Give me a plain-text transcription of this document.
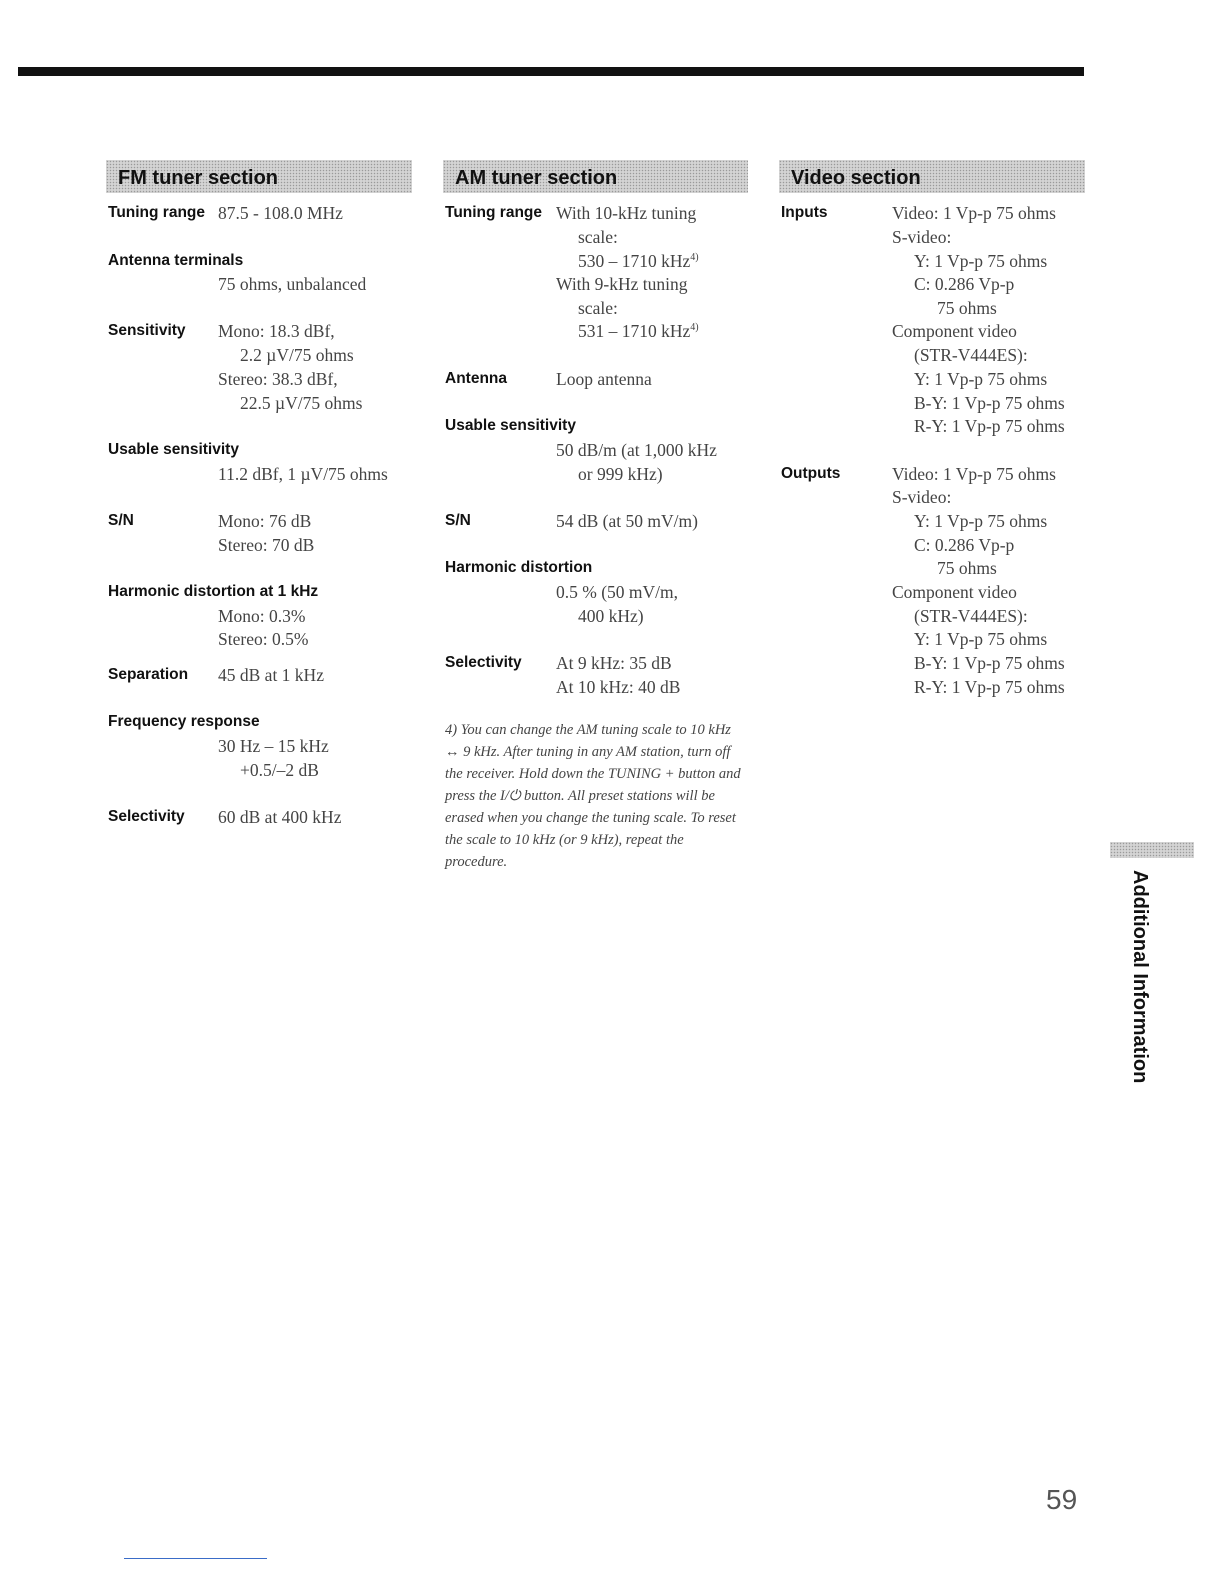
FM tuner section
Tuning range 87.5 - 108.0 MHz
Antenna terminals
75 ohms, unbalanced
Sensitivity Mono: 18.3 dBf,
2.2 µV/75 ohms
Stereo: 38.3 dBf,
22.5 µV/75 ohms
Usable sensitivity
11.2 dBf, 1 µV/75 ohms
S/N	Mono: 76 dB
Stereo: 70 dB
Harmonic distortion at 1 kHz
Mono: 0.3%
Stereo: 0.5%
Separation 45 dB at 1 kHz
Frequency response
30 Hz – 15 kHz
+0.5/–2 dB
Selectivity 60 dB at 400 kHz
AM tuner section
Tuning range With 10-kHz tuning
scale:
530 – 1710 kHz$^{4)}$
With 9-kHz tuning
scale:
531 – 1710 kHz$^{4)}$
Antenna	Loop antenna
Usable sensitivity
50 dB/m (at 1,000 kHz
or 999 kHz)
S/N	54 dB (at 50 mV/m)
Harmonic distortion
0.5 % (50 mV/m,
400 kHz)
Selectivity At 9 kHz: 35 dB
At 10 kHz: 40 dB
4) You can change the AM tuning scale to 10 kHz ↔ 9 kHz. After tuning in any AM station, turn off the receiver. Hold down the TUNING + button and press the I/⏻ button. All preset stations will be erased when you change the tuning scale. To reset the scale to 10 kHz (or 9 kHz), repeat the procedure.
Video section
Inputs	Video: 1 Vp-p 75 ohms
S-video:
Y: 1 Vp-p 75 ohms
C: 0.286 Vp-p
75 ohms
Component video
(STR-V444ES):
Y: 1 Vp-p 75 ohms
B-Y: 1 Vp-p 75 ohms
R-Y: 1 Vp-p 75 ohms
Outputs	Video: 1 Vp-p 75 ohms
S-video:
Y: 1 Vp-p 75 ohms
C: 0.286 Vp-p
75 ohms
Component video
(STR-V444ES):
Y: 1 Vp-p 75 ohms
B-Y: 1 Vp-p 75 ohms
R-Y: 1 Vp-p 75 ohms
Additional Information
59
